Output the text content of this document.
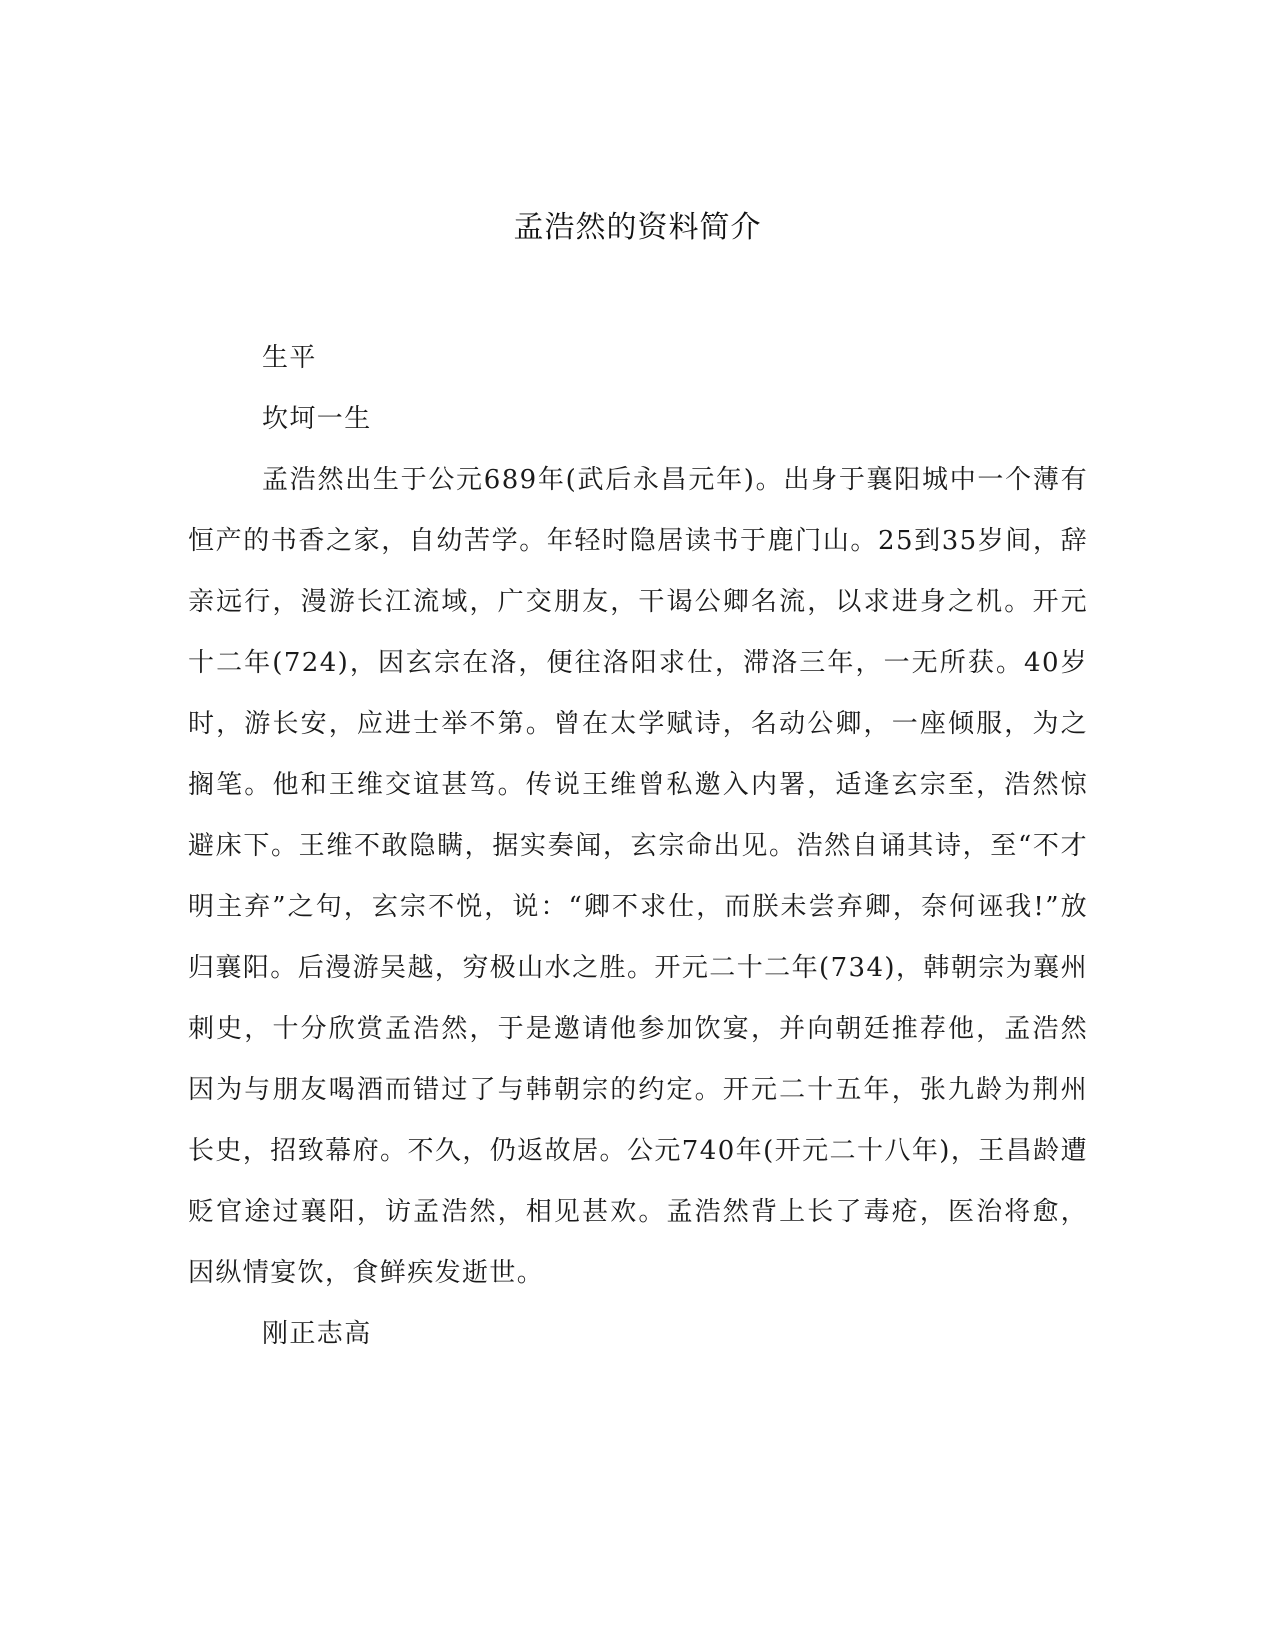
孟浩然的资料简介

生平

坎坷一生

孟浩然出生于公元689年(武后永昌元年)。出身于襄阳城中一个薄有恒产的书香之家，自幼苦学。年轻时隐居读书于鹿门山。25到35岁间，辞亲远行，漫游长江流域，广交朋友，干谒公卿名流，以求进身之机。开元十二年(724)，因玄宗在洛，便往洛阳求仕，滞洛三年，一无所获。40岁时，游长安，应进士举不第。曾在太学赋诗，名动公卿，一座倾服，为之搁笔。他和王维交谊甚笃。传说王维曾私邀入内署，适逢玄宗至，浩然惊避床下。王维不敢隐瞒，据实奏闻，玄宗命出见。浩然自诵其诗，至“不才明主弃”之句，玄宗不悦，说：“卿不求仕，而朕未尝弃卿，奈何诬我!”放归襄阳。后漫游吴越，穷极山水之胜。开元二十二年(734)，韩朝宗为襄州刺史，十分欣赏孟浩然，于是邀请他参加饮宴，并向朝廷推荐他，孟浩然因为与朋友喝酒而错过了与韩朝宗的约定。开元二十五年，张九龄为荆州长史，招致幕府。不久，仍返故居。公元740年(开元二十八年)，王昌龄遭贬官途过襄阳，访孟浩然，相见甚欢。孟浩然背上长了毒疮，医治将愈，因纵情宴饮，食鲜疾发逝世。

刚正志高
